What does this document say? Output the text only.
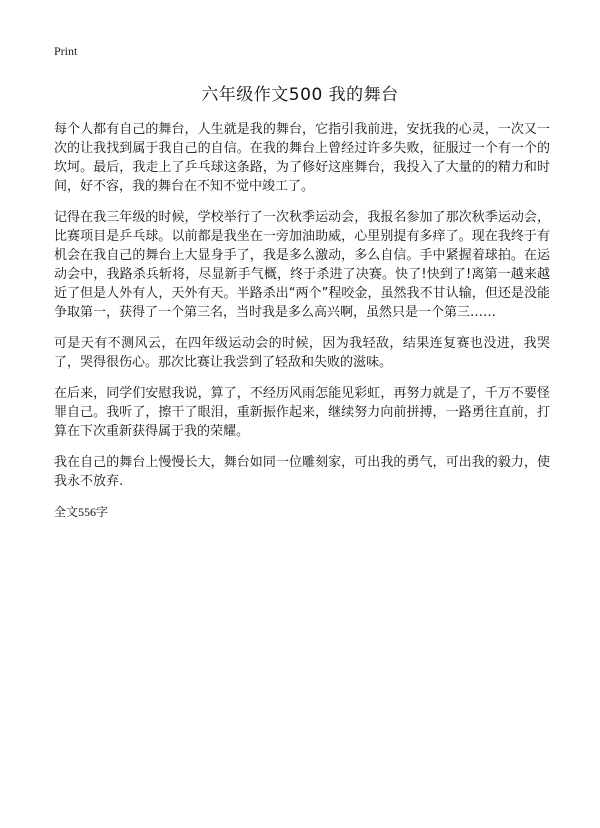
Print
六年级作文500 我的舞台

每个人都有自己的舞台，人生就是我的舞台，它指引我前进，安抚我的心灵，一次又一次的让我找到属于我自己的自信。在我的舞台上曾经过许多失败，征服过一个有一个的坎坷。最后，我走上了乒乓球这条路，为了修好这座舞台，我投入了大量的的精力和时间，好不容，我的舞台在不知不觉中竣工了。

记得在我三年级的时候，学校举行了一次秋季运动会，我报名参加了那次秋季运动会，比赛项目是乒乓球。以前都是我坐在一旁加油助威，心里别提有多痒了。现在我终于有机会在我自己的舞台上大显身手了，我是多么激动，多么自信。手中紧握着球拍。在运动会中，我路杀兵斩将，尽显新手气概，终于杀进了决赛。快了!快到了!离第一越来越近了但是人外有人，天外有天。半路杀出“两个”程咬金，虽然我不甘认输，但还是没能争取第一，获得了一个第三名，当时我是多么高兴啊，虽然只是一个第三……

可是天有不测风云，在四年级运动会的时候，因为我轻敌，结果连复赛也没进，我哭了，哭得很伤心。那次比赛让我尝到了轻敌和失败的滋味。

在后来，同学们安慰我说，算了，不经历风雨怎能见彩虹，再努力就是了，千万不要怪罪自己。我听了，擦干了眼泪，重新振作起来，继续努力向前拼搏，一路勇往直前，打算在下次重新获得属于我的荣耀。

我在自己的舞台上慢慢长大，舞台如同一位雕刻家，可出我的勇气，可出我的毅力，使我永不放弃.

全文556字
